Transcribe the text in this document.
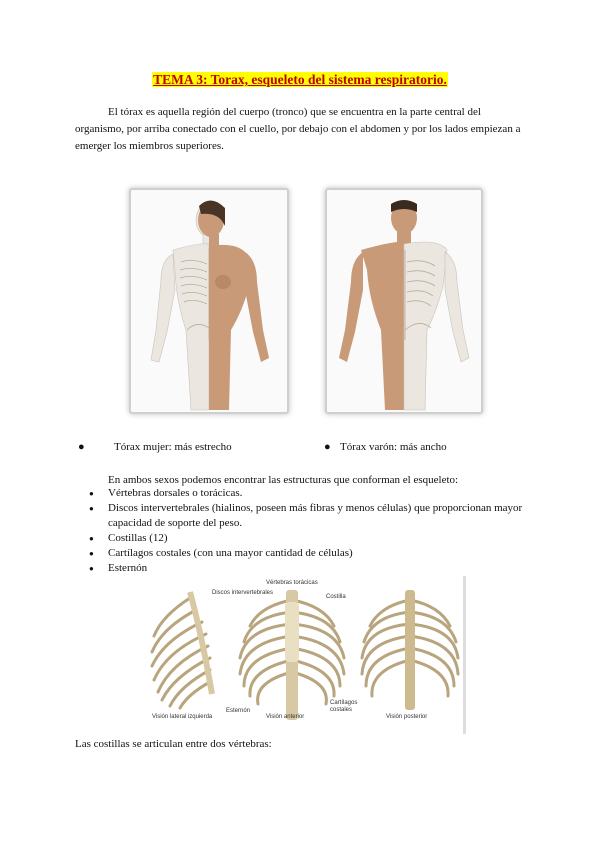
TEMA 3: Torax, esqueleto del sistema respiratorio.
El tórax es aquella región del cuerpo (tronco) que se encuentra en la parte central del organismo, por arriba conectado con el cuello, por debajo con el abdomen y por los lados empiezan a emerger los miembros superiores.
●	Tórax mujer: más estrecho	● Tórax varón: más ancho
En ambos sexos podemos encontrar las estructuras que conforman el esqueleto:
● Vértebras dorsales o torácicas.
● Discos intervertebrales (hialinos, poseen más fibras y menos células) que proporcionan mayor capacidad de soporte del peso.
● Costillas (12)
● Cartílagos costales (con una mayor cantidad de células)
● Esternón
Vértebras torácicas
Discos intervertebrales
Costilla
Esternón
Cartílagos costales
Visión lateral izquierda	Visión anterior	Visión posterior
Las costillas se articulan entre dos vértebras:
